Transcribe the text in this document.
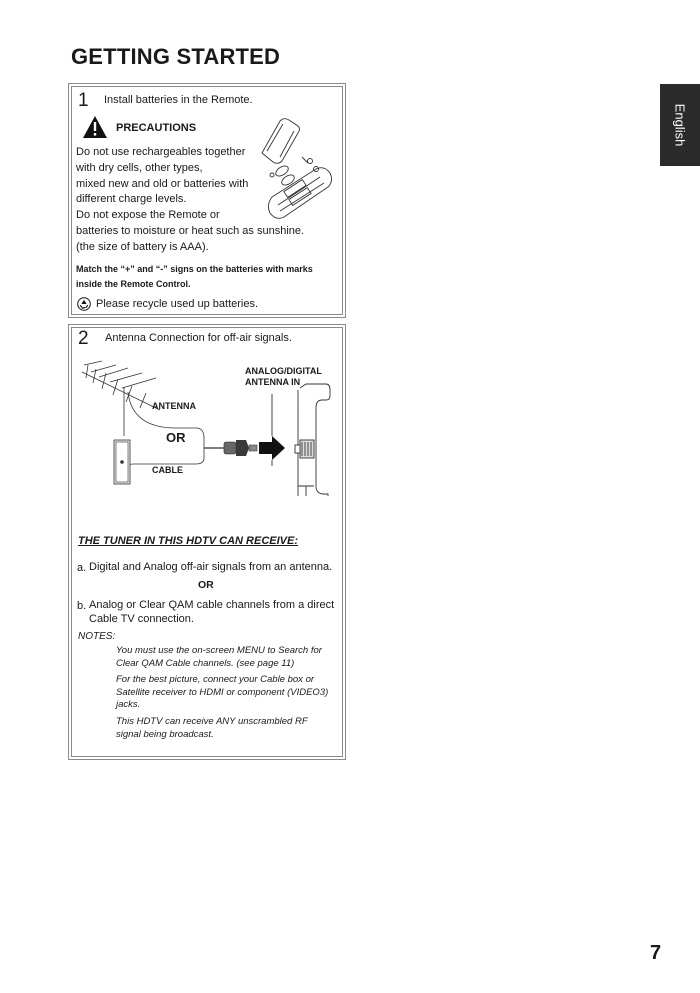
GETTING STARTED
English
1 Install batteries in the Remote.
PRECAUTIONS
Do not use rechargeables together
with dry cells, other types,
mixed new and old or batteries with
different charge levels.
Do not expose the Remote or
batteries to moisture or heat such as sunshine.
(the size of battery is AAA).
Match the “+” and “-” signs on the batteries with marks
inside the Remote Control.
Please recycle used up batteries.
2 Antenna Connection for off-air signals.
ANALOG/DIGITAL
ANTENNA IN
ANTENNA
OR
CABLE
THE TUNER IN THIS HDTV CAN RECEIVE:
a. Digital and Analog off-air signals from an antenna.
OR
b. Analog or Clear QAM cable channels from a direct
Cable TV connection.
NOTES:
You must use the on-screen MENU to Search for Clear QAM Cable channels. (see page 11)
For the best picture, connect your Cable box or Satellite receiver to HDMI or component (VIDEO3) jacks.
This HDTV can receive ANY unscrambled RF signal being broadcast.
7
